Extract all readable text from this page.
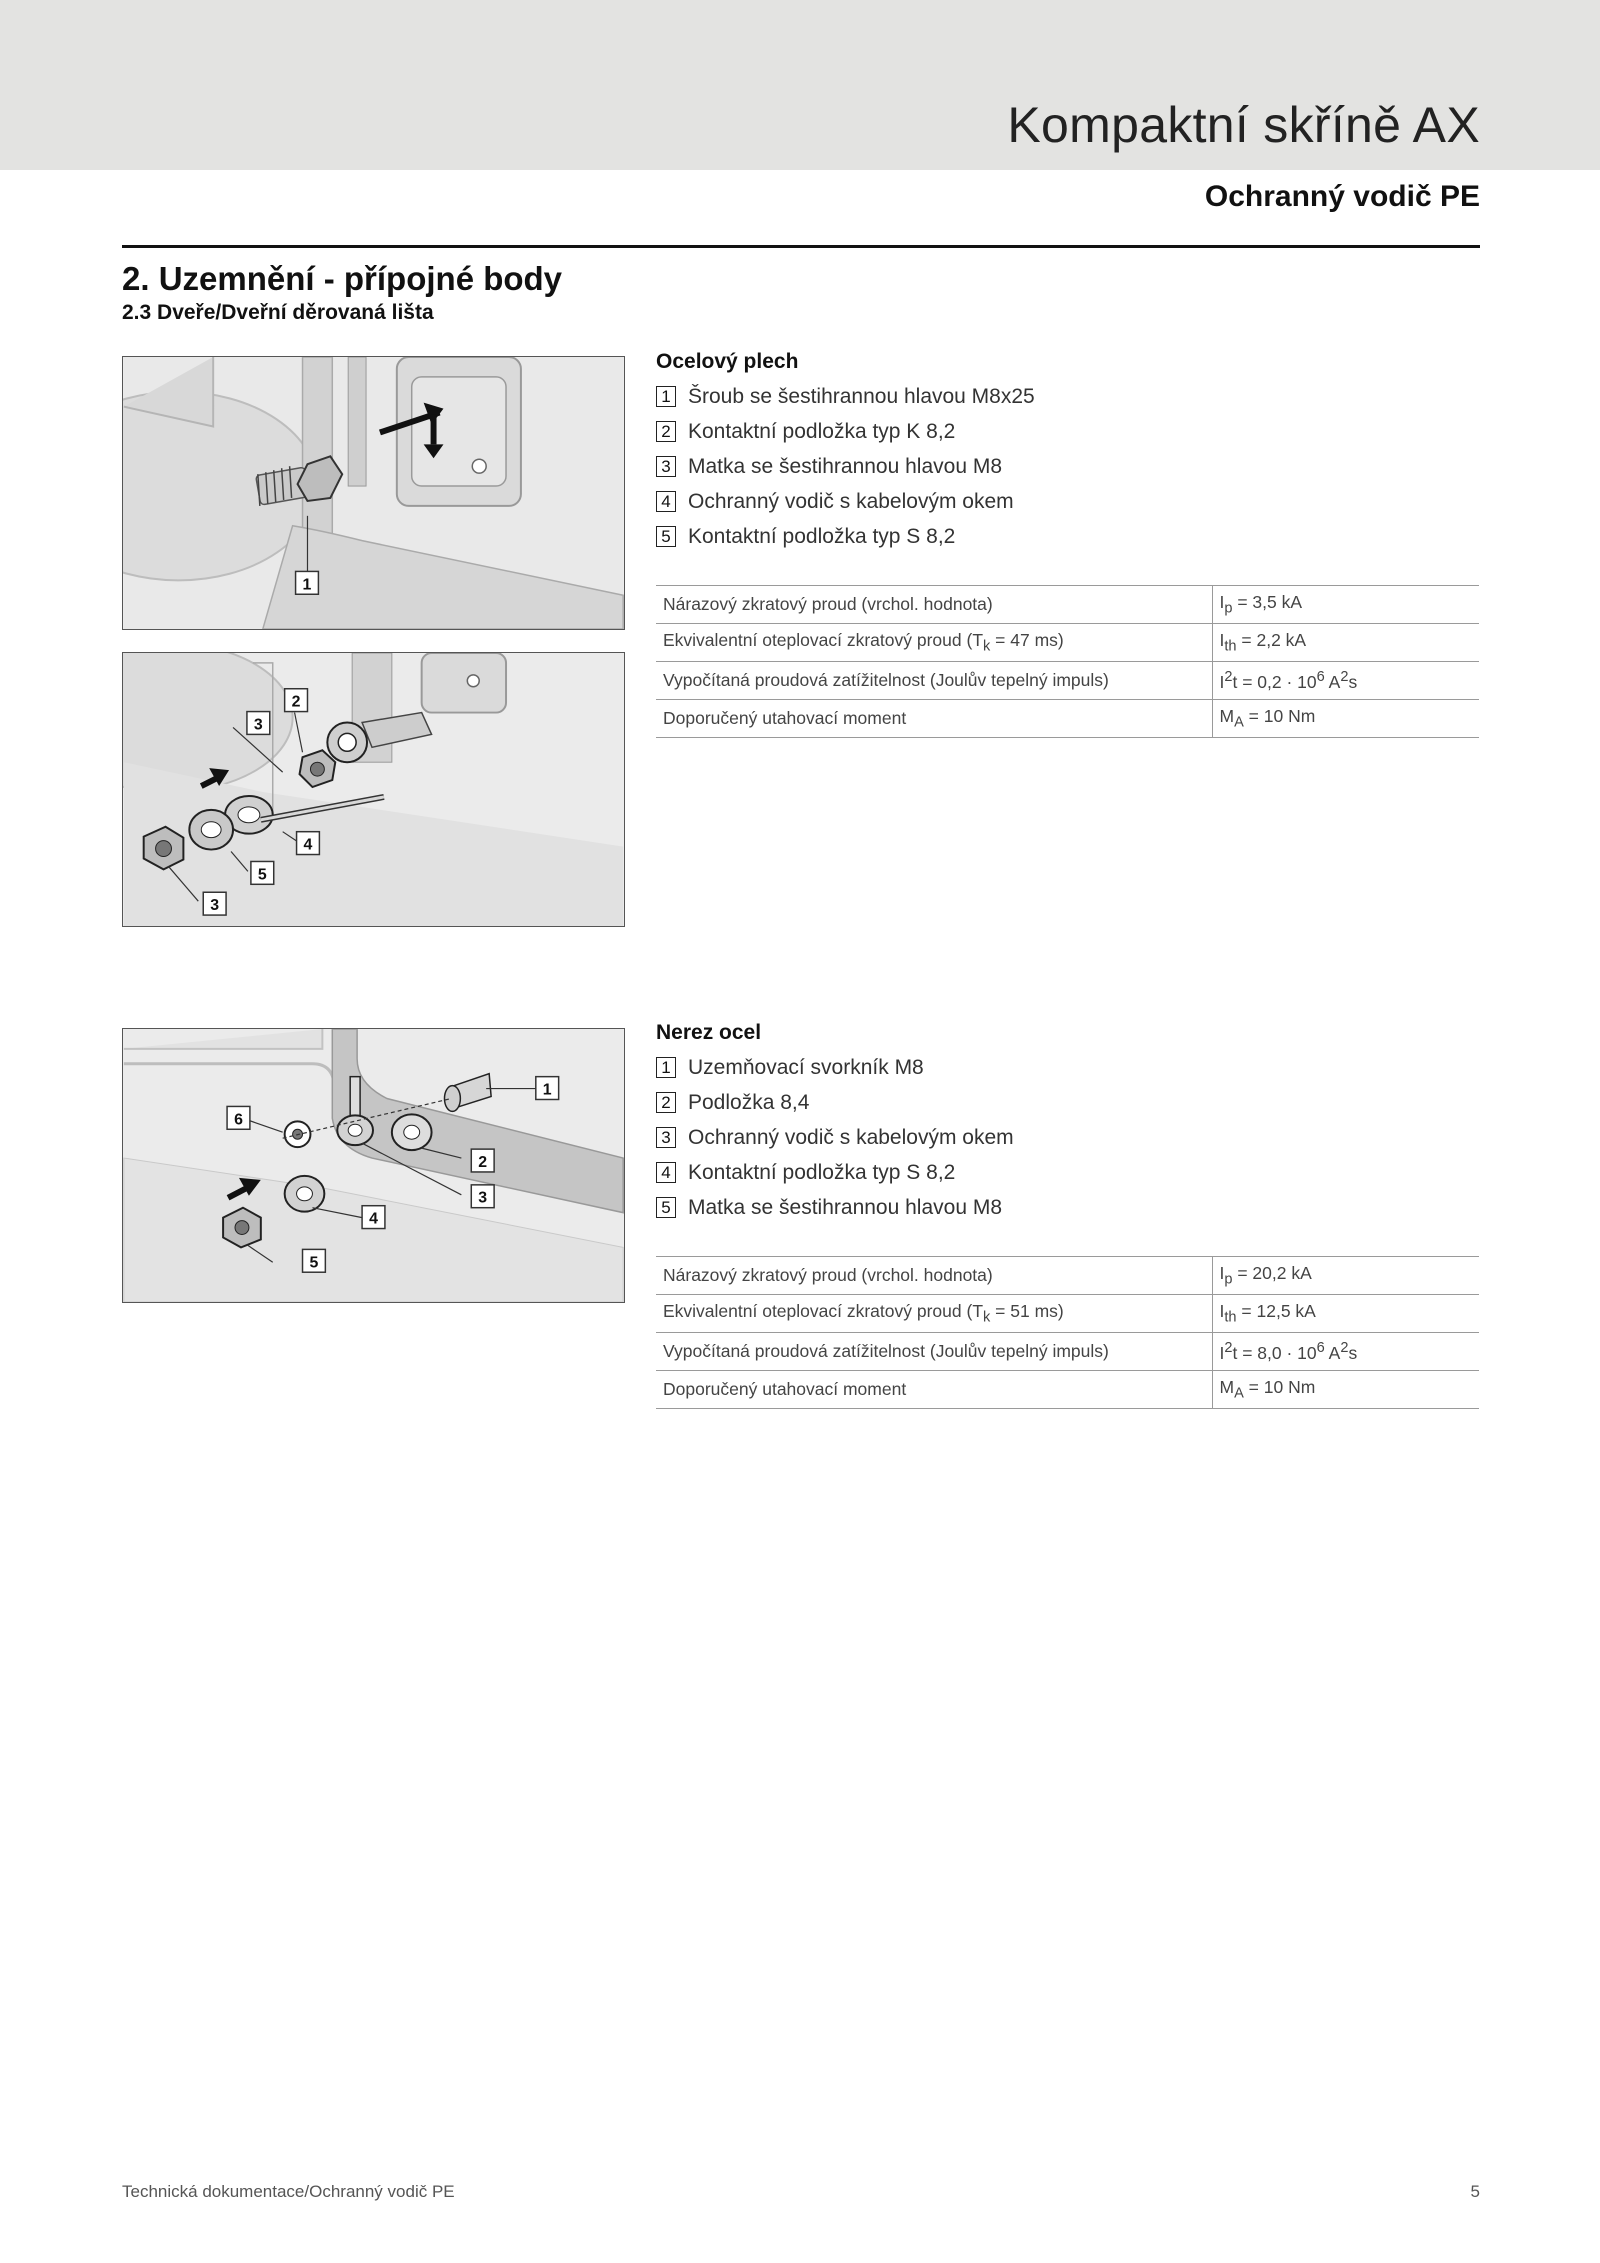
Kompaktní skříně AX
Ochranný vodič PE
2. Uzemnění - přípojné body
2.3 Dveře/Dveřní děrovaná lišta
1
2
3
4
5
3
Ocelový plech
1 Šroub se šestihrannou hlavou M8x25
2 Kontaktní podložka typ K 8,2
3 Matka se šestihrannou hlavou M8
4 Ochranný vodič s kabelovým okem
5 Kontaktní podložka typ S 8,2
Nárazový zkratový proud (vrchol. hodnota)	$I_p = 3,5$ kA
Ekvivalentní oteplovací zkratový proud ($T_k = 47$ ms)	$I_{th} = 2,2$ kA
Vypočítaná proudová zatížitelnost (Joulův tepelný impuls)	$I^2t = 0,2 \cdot 10^6$ $A^2s$
Doporučený utahovací moment	$M_A = 10$ Nm
6
1
2
3
4
5
Nerez ocel
1 Uzemňovací svorkník M8
2 Podložka 8,4
3 Ochranný vodič s kabelovým okem
4 Kontaktní podložka typ S 8,2
5 Matka se šestihrannou hlavou M8
Nárazový zkratový proud (vrchol. hodnota)	$I_p = 20,2$ kA
Ekvivalentní oteplovací zkratový proud ($T_k = 51$ ms)	$I_{th} = 12,5$ kA
Vypočítaná proudová zatížitelnost (Joulův tepelný impuls)	$I^2t = 8,0 \cdot 10^6$ $A^2s$
Doporučený utahovací moment	$M_A = 10$ Nm
Technická dokumentace/Ochranný vodič PE	5
